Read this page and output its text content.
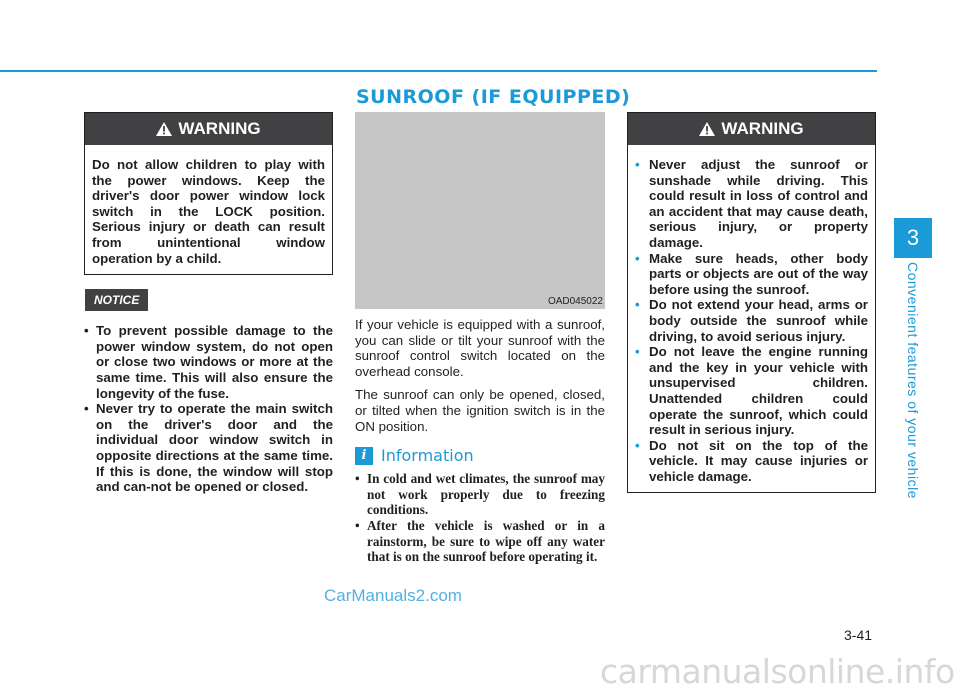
SUNROOF (IF EQUIPPED)
3
Convenient features of your vehicle
WARNING
Do not allow children to play with the power windows. Keep the driver's door power window lock switch in the LOCK position. Serious injury or death can result from unintentional window operation by a child.
NOTICE
• To prevent possible damage to the power window system, do not open or close two windows or more at the same time. This will also ensure the longevity of the fuse.
• Never try to operate the main switch on the driver's door and the individual door window switch in opposite directions at the same time. If this is done, the window will stop and can-not be opened or closed.
OAD045022

If your vehicle is equipped with a sunroof, you can slide or tilt your sunroof with the sunroof control switch located on the overhead console.

The sunroof can only be opened, closed, or tilted when the ignition switch is in the ON position.

i Information
• In cold and wet climates, the sunroof may not work properly due to freezing conditions.
• After the vehicle is washed or in a rainstorm, be sure to wipe off any water that is on the sunroof before operating it.
WARNING
• Never adjust the sunroof or sunshade while driving. This could result in loss of control and an accident that may cause death, serious injury, or property damage.
• Make sure heads, other body parts or objects are out of the way before using the sunroof.
• Do not extend your head, arms or body outside the sunroof while driving, to avoid serious injury.
• Do not leave the engine running and the key in your vehicle with unsupervised children. Unattended children could operate the sunroof, which could result in serious injury.
• Do not sit on the top of the vehicle. It may cause injuries or vehicle damage.
CarManuals2.com
3-41
carmanualsonline.info
